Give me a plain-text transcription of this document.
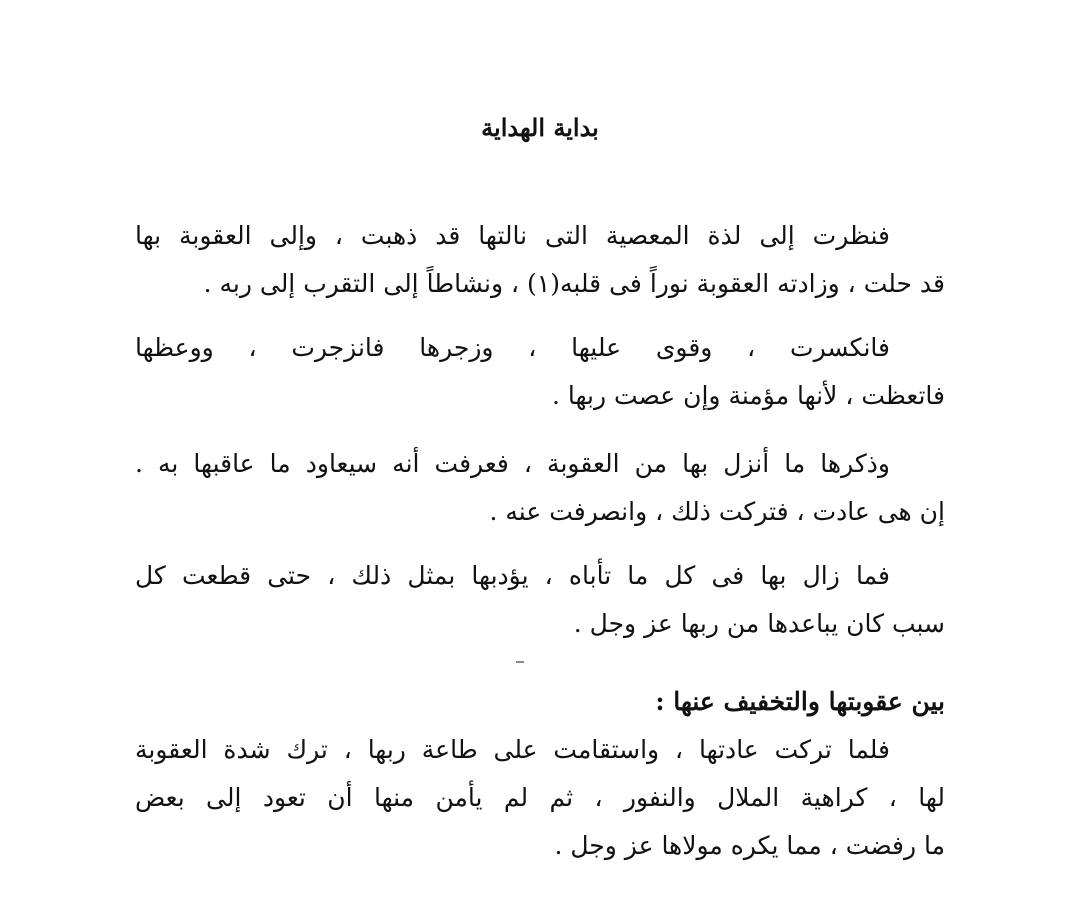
بداية الهداية
فنظرت إلى لذة المعصية التى نالتها قد ذهبت ، وإلى العقوبة بها
قد حلت ، وزادته العقوبة نوراً فى قلبه(١) ، ونشاطاً إلى التقرب إلى ربه .
فانكسرت ، وقوى عليها ، وزجرها فانزجرت ، ووعظها
فاتعظت ، لأنها مؤمنة وإن عصت ربها .
وذكرها ما أنزل بها من العقوبة ، فعرفت أنه سيعاود ما عاقبها به .
إن هى عادت ، فتركت ذلك ، وانصرفت عنه .
فما زال بها فى كل ما تأباه ، يؤدبها بمثل ذلك ، حتى قطعت كل
سبب كان يباعدها من ربها عز وجل .
بين عقوبتها والتخفيف عنها :
فلما تركت عادتها ، واستقامت على طاعة ربها ، ترك شدة العقوبة
لها ، كراهية الملال والنفور ، ثم لم يأمن منها أن تعود إلى بعض
ما رفضت ، مما يكره مولاها عز وجل .
